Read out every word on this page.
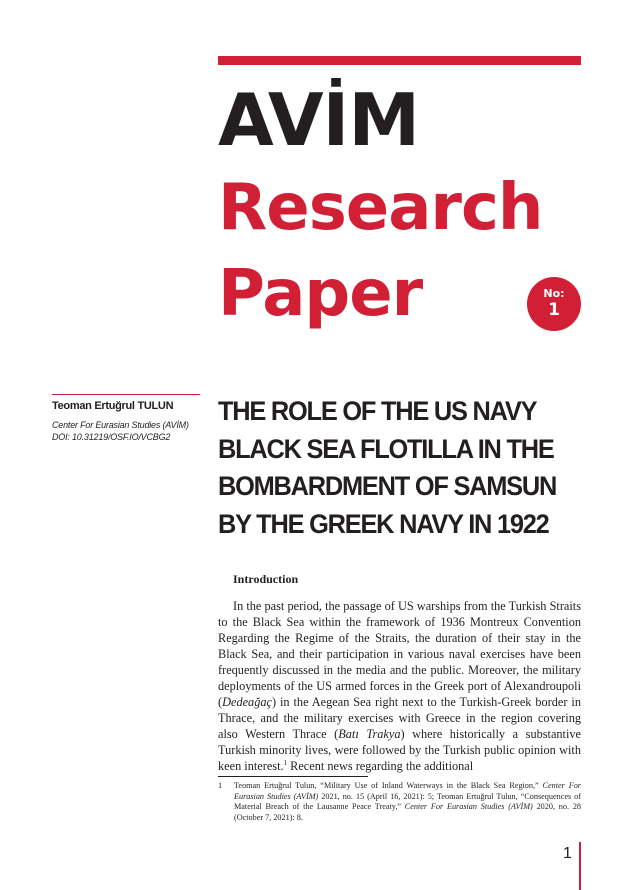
AVİM
Research
Paper	No:
1

Teoman Ertuğrul TULUN

Center For Eurasian Studies (AVİM)
DOI: 10.31219/OSF.IO/VCBG2

THE ROLE OF THE US NAVY
BLACK SEA FLOTILLA IN THE
BOMBARDMENT OF SAMSUN
BY THE GREEK NAVY IN 1922
Introduction

In the past period, the passage of US warships from the Turkish Straits to the Black Sea within the framework of 1936 Montreux Convention Regarding the Regime of the Straits, the duration of their stay in the Black Sea, and their participation in various naval exercises have been frequently discussed in the media and the public. Moreover, the military deployments of the US armed forces in the Greek port of Alexandroupoli (Dedeağaç) in the Aegean Sea right next to the Turkish-Greek border in Thrace, and the military exercises with Greece in the region covering also Western Thrace (Batı Trakya) where historically a substantive Turkish minority lives, were followed by the Turkish public opinion with keen interest.$^1$ Recent news regarding the additional

1 Teoman Ertuğrul Tulun, “Military Use of Inland Waterways in the Black Sea Region,” Center For Eurasian Studies (AVİM) 2021, no. 15 (April 16, 2021): 5; Teoman Ertuğrul Tulun, “Consequences of Material Breach of the Lausanne Peace Treaty,” Center For Eurasian Studies (AVİM) 2020, no. 28 (October 7, 2021): 8.

1
